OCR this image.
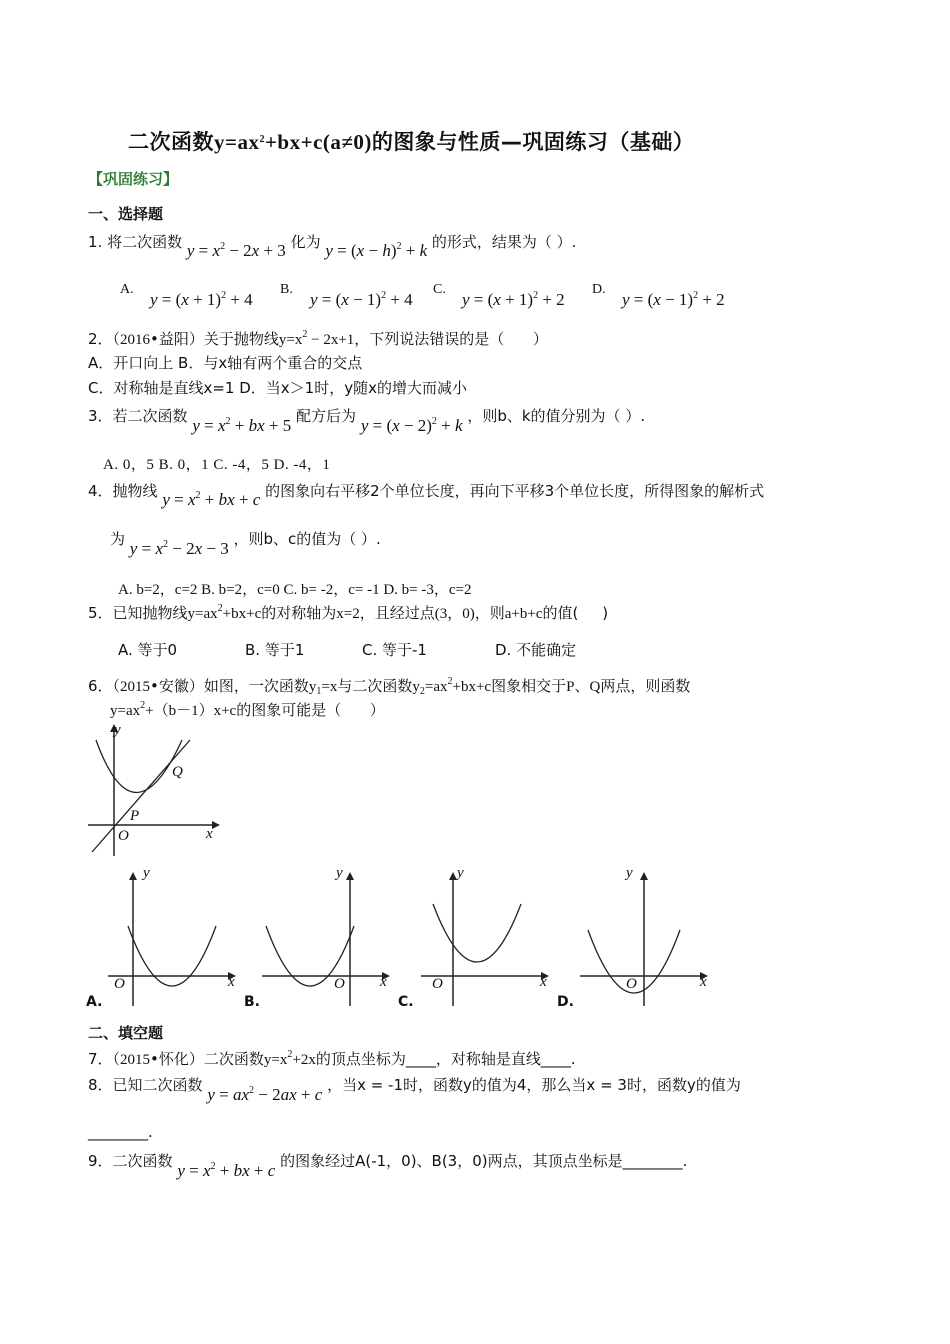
二次函数$y=ax^2+bx+c(a\ne 0)$的图象与性质—巩固练习（基础）
【巩固练习】
一、选择题
1. 将二次函数 $y = x^2 - 2x + 3$ 化为 $y = (x - h)^2 + k$ 的形式，结果为（ ）.
A.
$y = (x + 1)^2 + 4$
B.
$y = (x - 1)^2 + 4$
C.
$y = (x + 1)^2 + 2$
D.
$y = (x - 1)^2 + 2$
2．（2016•益阳）关于抛物线$y=x^2 - 2x+1$，下列说法错误的是（      ）
A．开口向上 B．与x轴有两个重合的交点
C．对称轴是直线x=1 D．当x＞1时，y随x的增大而减小
3．若二次函数 $y = x^2$ + bx + 5 配方后为 $y = (x - 2)^2 + k$ ，则b、k的值分别为（ ）.
A. 0，5 B. 0，1 C. -4，5 D. -4，1
4．抛物线 $y = x^2$ + bx + c 的图象向右平移2个单位长度，再向下平移3个单位长度，所得图象的解析式
为 $y = x^2 - 2x - 3$ ，则b、c的值为（ ）.
A. b=2，c=2 B. b=2，c=0 C. b= -2，c= -1 D. b= -3，c=2
5．已知抛物线$y=ax^2+bx+c$的对称轴为x=2，且经过点(3，0)，则a+b+c的值(     )
A. 等于0	B. 等于1	C. 等于-1	D. 不能确定
6．（2015•安徽）如图，一次函数$y_1=x$与二次函数$y_2=ax^2+bx+c$图象相交于P、Q两点，则函数
$y=ax^2+(b-1)x+c$的图象可能是（      ）
y
Q
P
O	x
y
O	x
A.
y
O x
B.
y
O	x
C.
y
O	x
D.
二、填空题
7．（2015•怀化）二次函数$y=x^2+2x$的顶点坐标为____，对称轴是直线____.
8．已知二次函数 $y = ax^2 - 2ax + c$ ，当x = -1时，函数y的值为4，那么当x = 3时，函数y的值为
________.
9．二次函数 $y = x^2$ + bx + c 的图象经过A(-1，0)、B(3，0)两点，其顶点坐标是________.
